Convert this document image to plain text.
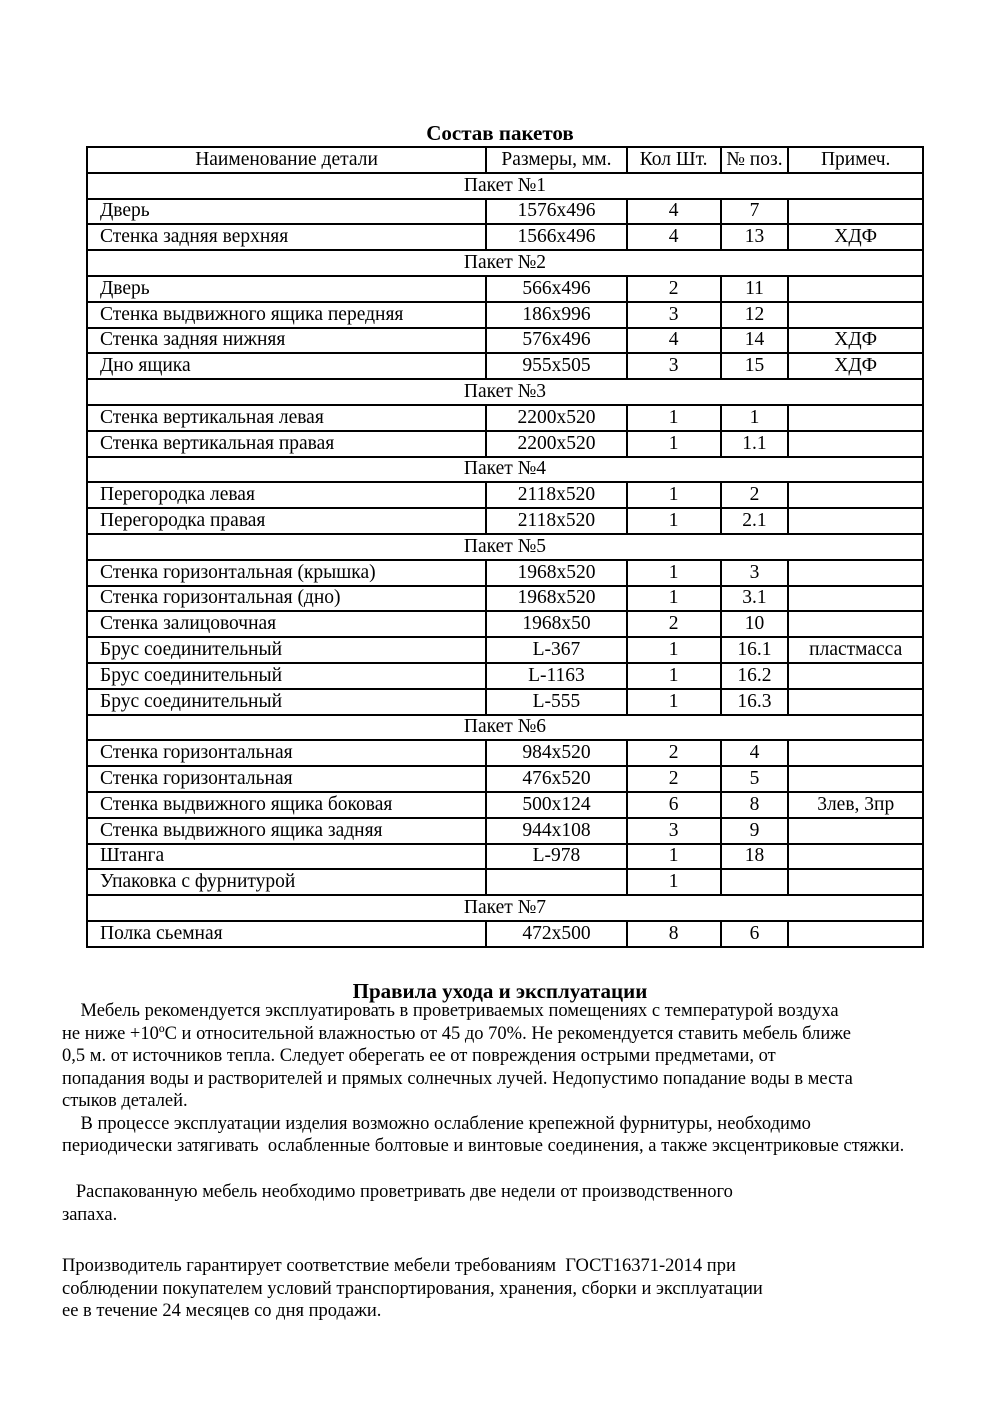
Состав пакетов
Наименование детали	Размеры, мм.	Кол Шт.	№ поз.	Примеч.
Пакет №1				
Дверь	1576x496	4	7	
Стенка задняя верхняя	1566x496	4	13	ХДФ
Пакет №2				
Дверь	566x496	2	11	
Стенка выдвижного ящика передняя	186x996	3	12	
Стенка задняя нижняя	576x496	4	14	ХДФ
Дно ящика	955x505	3	15	ХДФ
Пакет №3				
Стенка вертикальная левая	2200x520	1	1	
Стенка вертикальная правая	2200x520	1	1.1	
Пакет №4				
Перегородка левая	2118x520	1	2	
Перегородка правая	2118x520	1	2.1	
Пакет №5				
Стенка горизонтальная (крышка)	1968x520	1	3	
Стенка горизонтальная (дно)	1968x520	1	3.1	
Стенка залицовочная	1968x50	2	10	
Брус соединительный	L-367	1	16.1	пластмасса
Брус соединительный	L-1163	1	16.2	
Брус соединительный	L-555	1	16.3	
Пакет №6				
Стенка горизонтальная	984x520	2	4	
Стенка горизонтальная	476x520	2	5	
Стенка выдвижного ящика боковая	500x124	6	8	3лев, 3пр
Стенка выдвижного ящика задняя	944x108	3	9	
Штанга	L-978	1	18	
Упаковка с фурнитурой		1		
Пакет №7				
Полка сьемная	472x500	8	6	
Правила ухода и эксплуатации
Мебель рекомендуется эксплуатировать в проветриваемых помещениях с температурой воздуха
не ниже +10ºC и относительной влажностью от 45 до 70%. Не рекомендуется ставить мебель ближе
0,5 м. от источников тепла. Следует оберегать ее от повреждения острыми предметами, от
попадания воды и растворителей и прямых солнечных лучей. Недопустимо попадание воды в места
стыков деталей.
В процессе эксплуатации изделия возможно ослабление крепежной фурнитуры, необходимо
периодически затягивать  ослабленные болтовые и винтовые соединения, а также эксцентриковые стяжки.
Распакованную мебель необходимо проветривать две недели от производственного
запаха.
Производитель гарантирует соответствие мебели требованиям  ГОСТ16371-2014 при
соблюдении покупателем условий транспортирования, хранения, сборки и эксплуатации
ее в течение 24 месяцев со дня продажи.
